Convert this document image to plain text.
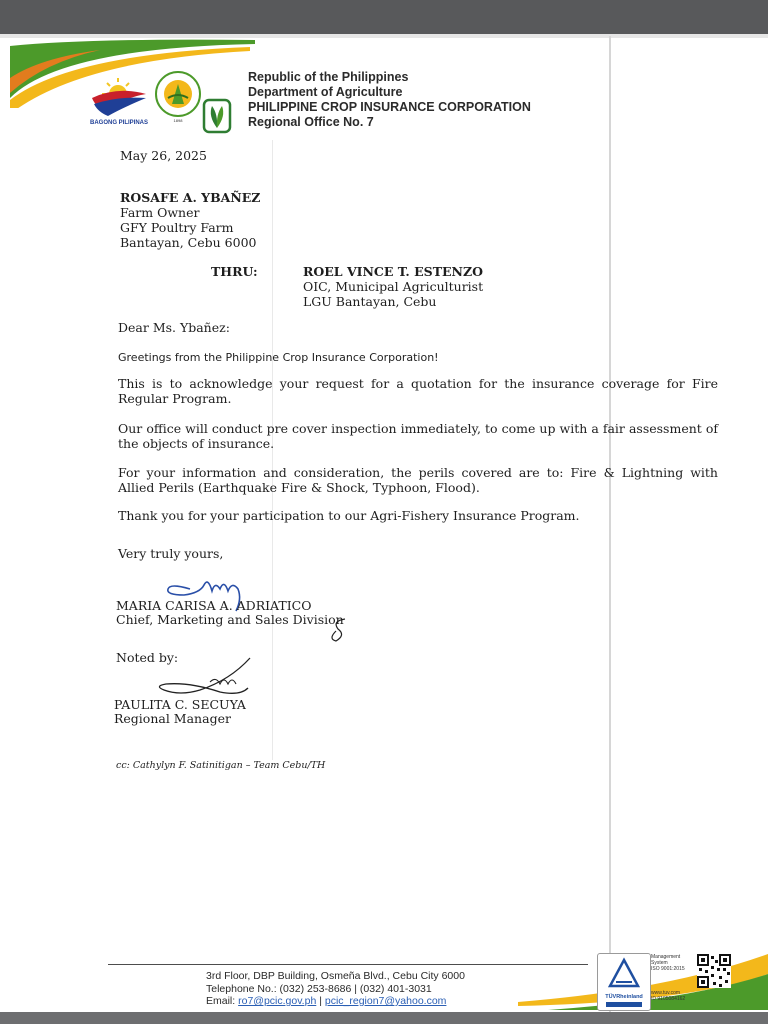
BAGONG PILIPINAS	1898
Republic of the Philippines
Department of Agriculture
PHILIPPINE CROP INSURANCE CORPORATION
Regional Office No. 7
May 26, 2025
ROSAFE A. YBAÑEZ
Farm Owner
GFY Poultry Farm
Bantayan, Cebu 6000
THRU:	ROEL VINCE T. ESTENZO
OIC, Municipal Agriculturist
LGU Bantayan, Cebu
Dear Ms. Ybañez:
Greetings from the Philippine Crop Insurance Corporation!
This is to acknowledge your request for a quotation for the insurance coverage for Fire Regular Program.
Our office will conduct pre cover inspection immediately, to come up with a fair assessment of the objects of insurance.
For your information and consideration, the perils covered are to: Fire & Lightning with Allied Perils (Earthquake Fire & Shock, Typhoon, Flood).
Thank you for your participation to our Agri-Fishery Insurance Program.
Very truly yours,
MARIA CARISA A. ADRIATICO
Chief, Marketing and Sales Division
Noted by:
PAULITA C. SECUYA
Regional Manager
cc: Cathylyn F. Satinitigan – Team Cebu/TH
3rd Floor, DBP Building, Osmeña Blvd., Cebu City 6000
Telephone No.: (032) 253-8686 | (032) 401-3031
Email: ro7@pcic.gov.ph | pcic_region7@yahoo.com	TÜVRheinland
Management
System
ISO 9001:2015
www.tuv.com
ID 9105084162
